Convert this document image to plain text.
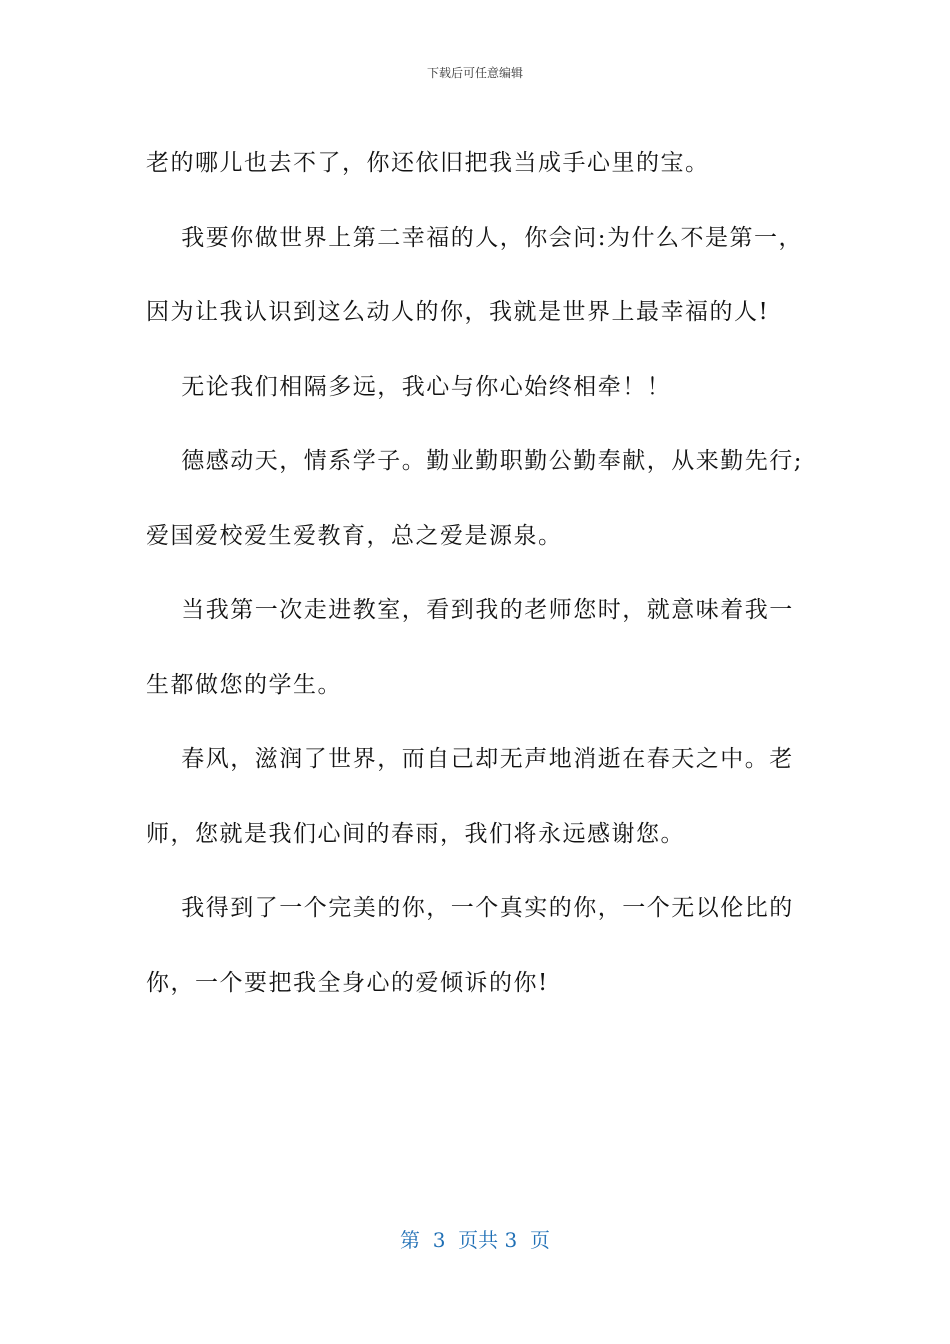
下载后可任意编辑

老的哪儿也去不了，你还依旧把我当成手心里的宝。

我要你做世界上第二幸福的人，你会问:为什么不是第一，

因为让我认识到这么动人的你，我就是世界上最幸福的人!

无论我们相隔多远，我心与你心始终相牵！！

德感动天，情系学子。勤业勤职勤公勤奉献，从来勤先行;

爱国爱校爱生爱教育，总之爱是源泉。

当我第一次走进教室，看到我的老师您时，就意味着我一

生都做您的学生。

春风，滋润了世界，而自己却无声地消逝在春天之中。老

师，您就是我们心间的春雨，我们将永远感谢您。

我得到了一个完美的你，一个真实的你，一个无以伦比的

你，一个要把我全身心的爱倾诉的你!

第  3  页共 3  页
